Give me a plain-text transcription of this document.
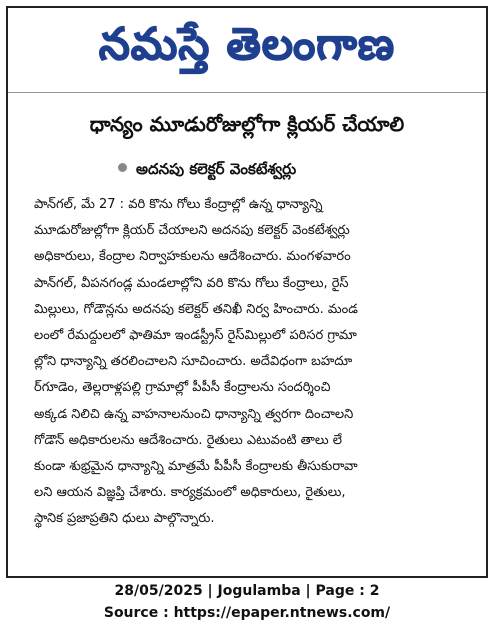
నమస్తే తెలంగాణ
ధాన్యం మూడురోజుల్లోగా క్లియర్ చేయాలి
అదనపు కలెక్టర్ వెంకటేశ్వర్లు
పాన్‌గల్, మే 27 : వరి కొను గోలు కేంద్రాల్లో ఉన్న ధాన్యాన్ని
మూడురోజుల్లోగా క్లియర్ చేయాలని అదనపు కలెక్టర్ వెంకటేశ్వర్లు
అధికారులు, కేంద్రాల నిర్వాహకులను ఆదేశించారు. మంగళవారం
పాన్‌గల్, వీపనగండ్ల మండలాల్లోని వరి కొను గోలు కేంద్రాలు, రైస్
మిల్లులు, గోడౌన్లను అదనపు కలెక్టర్ తనిఖీ నిర్వ హించారు. మండ
లంలో రేమద్దులలో ఫాతిమా ఇండస్ట్రీస్ రైస్‌మిల్లులో పరిసర గ్రామా
ల్లోని ధాన్యాన్ని తరలించాలని సూచించారు. అదేవిధంగా బహదూ
ర్‌గూడెం, తెల్లరాళ్లపల్లి గ్రామాల్లో పీపీసీ కేంద్రాలను సందర్శించి
అక్కడ నిలిచి ఉన్న వాహనాలనుంచి ధాన్యాన్ని త్వరగా దించాలని
గోడౌన్ అధికారులను ఆదేశించారు. రైతులు ఎటువంటి తాలు లే
కుండా శుభ్రమైన ధాన్యాన్ని మాత్రమే పీపీసీ కేంద్రాలకు తీసుకురావా
లని ఆయన విజ్ఞప్తి చేశారు. కార్యక్రమంలో అధికారులు, రైతులు,
స్థానిక ప్రజాప్రతిని ధులు పాల్గొన్నారు.
28/05/2025 | Jogulamba | Page : 2
Source : https://epaper.ntnews.com/
